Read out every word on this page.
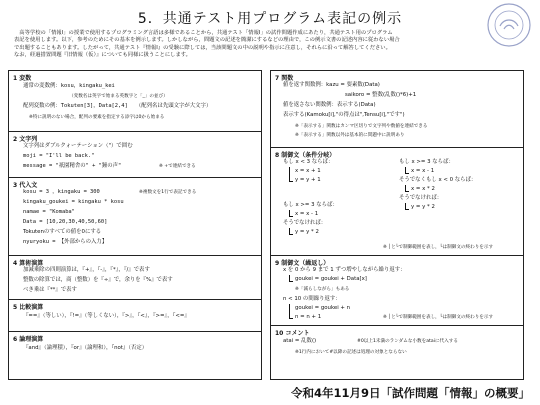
5．共通テスト用プログラム表記の例示
　高等学校の「情報Ⅰ」の授業で使用するプログラミング言語は多様であることから，共通テスト「情報Ⅰ」の試作問題作成にあたり，共通テスト用のプログラム
表記を使用します。以下，参考のためにその基本を例示します。しかしながら，問題文の記述を簡潔にするなどの理由で，この例示文書の記述内容に従わない場合
で出題することもあります。したがって，共通テスト『情報Ⅰ』の受験に際しては，当該問題文の中の説明や指示に注意し，それらに沿って解答してください。
なお，経過措置問題『旧情報（仮）』についても同様に扱うことにします。
1 変数
通常の変数例：kosu，kingaku_kei
（変数名は英字で始まる英数字と「_」の並び）
配列変数の例：Tokuten[3]，Data[2,4]　　（配列名は先頭文字が大文字）
※特に説明のない場合，配列の要素を指定する添字は0から始まる
2 文字列
文字列はダブルクォーテーション（"）で囲む
moji = "I'll be back."
message = "祇園精舎の" + "鐘の声"	※ +で連結できる
3 代入文
kosu = 3 ，kingaku = 300	※複数文を1行で表記できる
kingaku_goukei = kingaku * kosu
namae = "Komaba"
Data = [10,20,30,40,50,60]
Tokutenのすべての値を0にする
nyuryoku = 【外部からの入力】
4 算術演算
加減乗除の四則演算は，『+』，『-』，『*』，『/』で表す
整数の除算では，商（整数）を『÷』で，余りを『%』で表す
べき乗は『**』で表す
5 比較演算
『==』（等しい），『!=』（等しくない），『>』，『<』，『>=』，『<=』
6 論理演算
『and』（論理積），『or』（論理和），『not』（否定）
7 関数
値を返す関数例：kazu = 要素数(Data)
saikoro = 整数(乱数()*6)+1
値を返さない関数例：表示する(Data)
表示する(Kamoku[i],"の得点は",Tensu[i],"です")
※「表示する」関数はカンマ区切りで文字列や数値を連結できる
※「表示する」関数以外は基本的に問題中に説明あり
8 制御文（条件分岐）
もし x < 3 ならば：
x = x + 1
y = y + 1
もし x >= 3 ならば：
x = x - 1
そうでなければ：
y = y * 2
もし x >= 3 ならば：
x = x - 1
そうでなくもし x < 0 ならば：
x = x * 2
そうでなければ：
y = y * 2
※ │と└で制御範囲を表し，└は制御文の終わりを示す
9 制御文（繰返し）
x を 0 から 9 まで 1 ずつ増やしながら繰り返す：
goukei = goukei + Data[x]
※「減らしながら」もある
n < 10 の間繰り返す：
goukei = goukei + n
n = n + 1	※ │と└で制御範囲を表し，└は制御文の終わりを示す
10 コメント
atai = 乱数()	#0以上1未満のランダムな小数をataiに代入する
※1行内において#以降の記述は処理の対象とならない
令和4年11月9日「試作問題「情報」の概要」
